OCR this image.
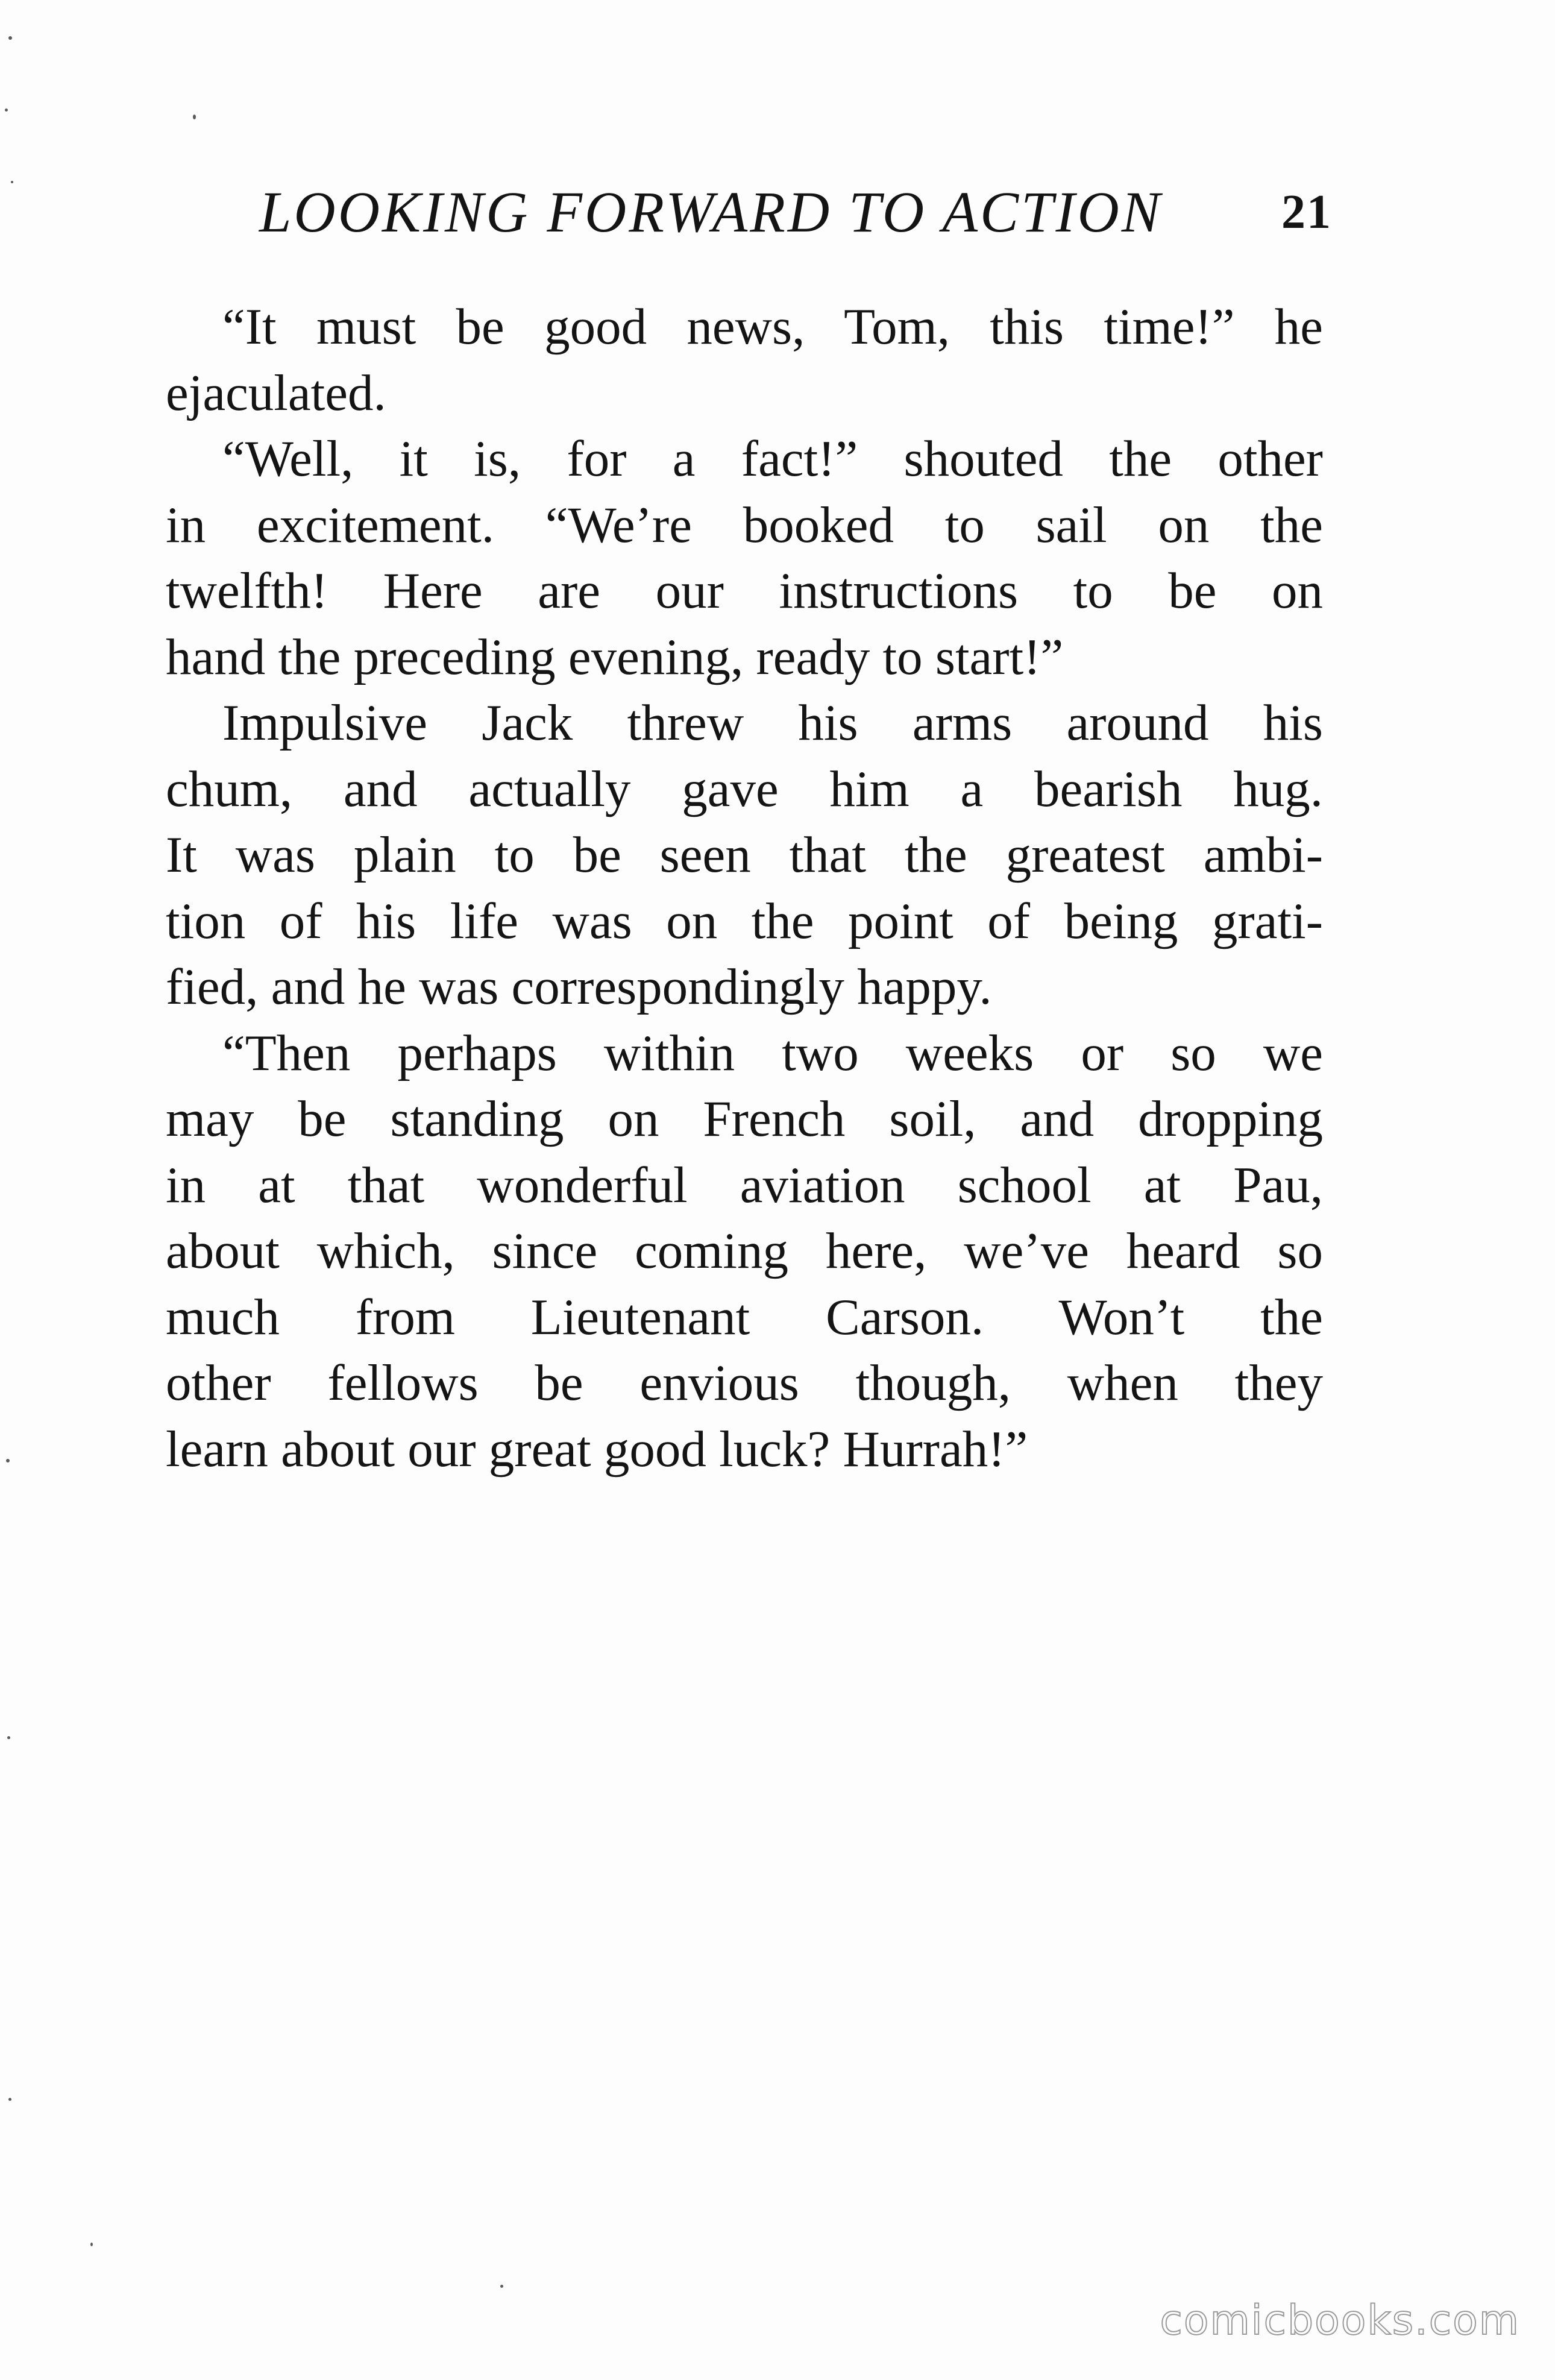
LOOKING FORWARD TO ACTION 21
“It must be good news, Tom, this time!” he
ejaculated.
“Well, it is, for a fact!” shouted the other
in excitement. “We’re booked to sail on the
twelfth! Here are our instructions to be on
hand the preceding evening, ready to start!”
Impulsive Jack threw his arms around his
chum, and actually gave him a bearish hug.
It was plain to be seen that the greatest ambi-
tion of his life was on the point of being grati-
fied, and he was correspondingly happy.
“Then perhaps within two weeks or so we
may be standing on French soil, and dropping
in at that wonderful aviation school at Pau,
about which, since coming here, we’ve heard so
much from Lieutenant Carson. Won’t the
other fellows be envious though, when they
learn about our great good luck? Hurrah!”
comicbooks.com
